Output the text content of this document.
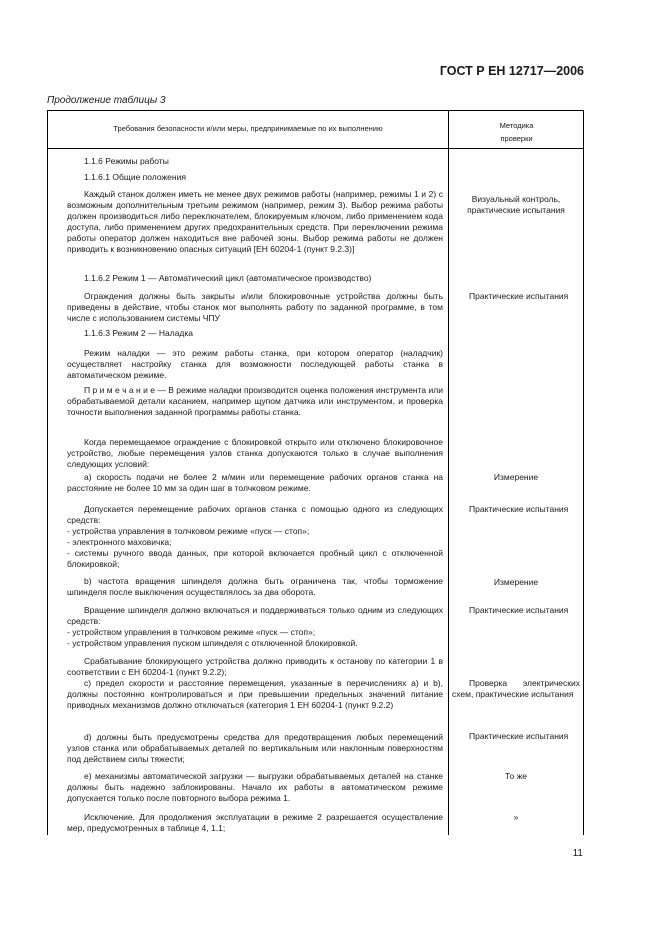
ГОСТ Р ЕН 12717—2006
Продолжение таблицы 3
Требования безопасности и/или меры, предпринимаемые по их выполнению	Методика
проверки
1.1.6 Режимы работы
1.1.6.1 Общие положения
Каждый станок должен иметь не менее двух режимов работы (например, режимы 1 и 2) с возможным дополнительным третьим режимом (например, режим 3). Выбор режима работы должен производиться либо переключателем, блокируемым ключом, либо применением кода доступа, либо применением других предохранительных средств. При переключении режима работы оператор должен находиться вне рабочей зоны. Выбор режима работы не должен приводить к возникновению опасных ситуаций [ЕН 60204-1 (пункт 9.2.3)]
1.1.6.2 Режим 1 — Автоматический цикл (автоматическое производство)
Ограждения должны быть закрыты и/или блокировочные устройства должны быть приведены в действие, чтобы станок мог выполнять работу по заданной программе, в том числе с использованием системы ЧПУ
1.1.6.3 Режим 2 — Наладка
Режим наладки — это режим работы станка, при котором оператор (наладчик) осуществляет настройку станка для возможности последующей работы станка в автоматическом режиме.
П р и м е ч а н и е — В режиме наладки производится оценка положения инструмента или обрабатываемой детали касанием, например щупом датчика или инструментом, и проверка точности выполнения заданной программы работы станка.
Когда перемещаемое ограждение с блокировкой открыто или отключено блокировочное устройство, любые перемещения узлов станка допускаются только в случае выполнения следующих условий:
а) скорость подачи не более 2 м/мин или перемещение рабочих органов станка на расстояние не более 10 мм за один шаг в толчковом режиме.
Допускается перемещение рабочих органов станка с помощью одного из следующих средств:
- устройства управления в толчковом режиме «пуск — стоп»;
- электронного маховичка;
- системы ручного ввода данных, при которой включается пробный цикл с отключенной блокировкой;
b) частота вращения шпинделя должна быть ограничена так, чтобы торможение шпинделя после выключения осуществлялось за два оборота.
Вращение шпинделя должно включаться и поддерживаться только одним из следующих средств:
- устройством управления в толчковом режиме «пуск — стоп»;
- устройством управления пуском шпинделя с отключенной блокировкой.
Срабатывание блокирующего устройства должно приводить к останову по категории 1 в соответствии с ЕН 60204-1 (пункт 9.2.2);
с) предел скорости и расстояние перемещения, указанные в перечислениях а) и b), должны постоянно контролироваться и при превышении предельных значений питание приводных механизмов должно отключаться (категория 1 ЕН 60204-1 (пункт 9.2.2)
d) должны быть предусмотрены средства для предотвращения любых перемещений узлов станка или обрабатываемых деталей по вертикальным или наклонным поверхностям под действием силы тяжести;
е) механизмы автоматической загрузки — выгрузки обрабатываемых деталей на станке должны быть надежно заблокированы. Начало их работы в автоматическом режиме допускается только после повторного выбора режима 1.
Исключение. Для продолжения эксплуатации в режиме 2 разрешается осуществление мер, предусмотренных в таблице 4, 1.1;
Визуальный контроль, практические испытания
Практические испытания
Измерение
Практические испытания
Измерение
Практические испытания
Проверка электрических схем, практические испытания
Практические испытания
То же
»
11
